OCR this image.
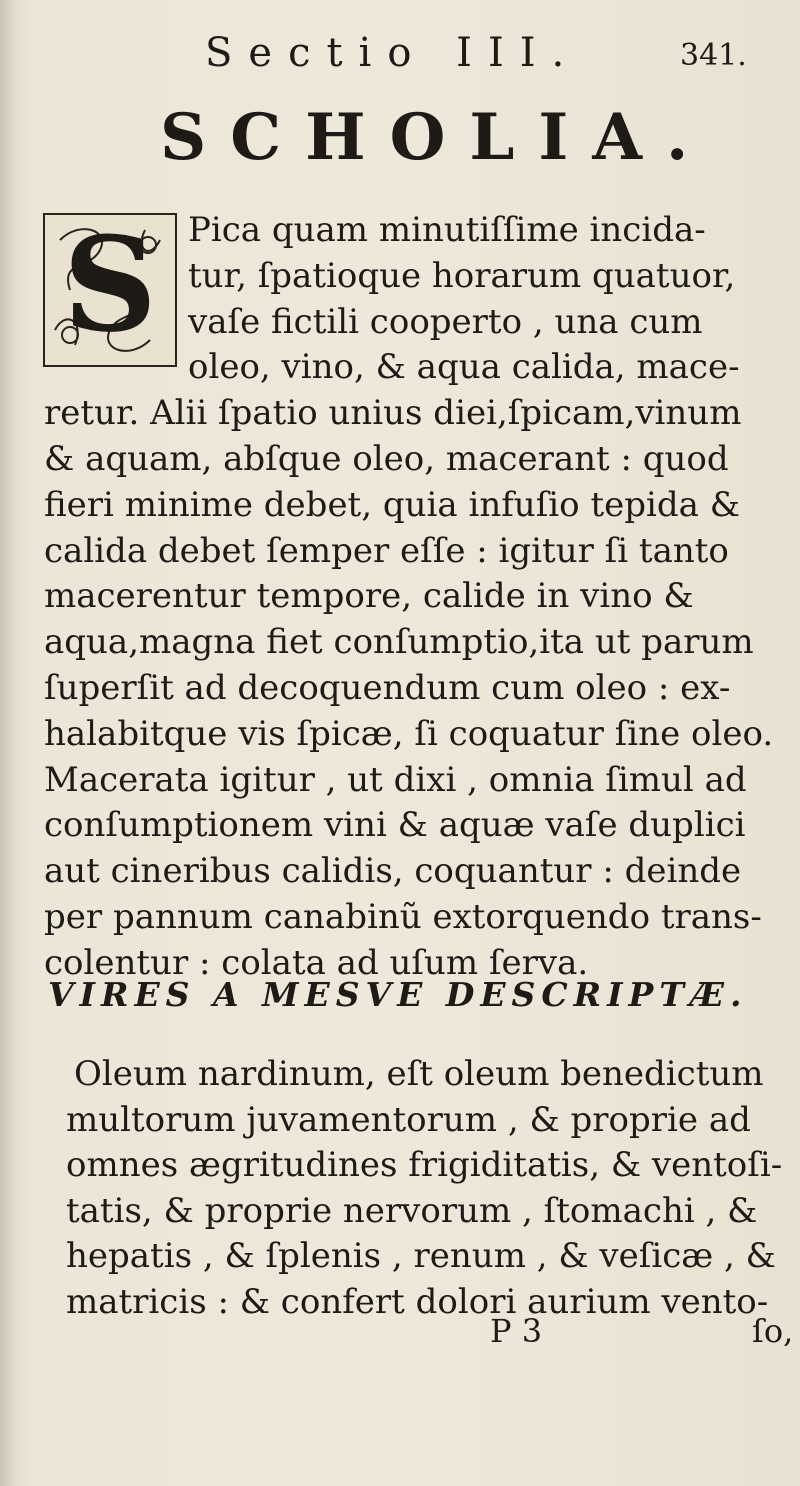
Sectio III.	341.
SCHOLIA.
S Pica quam minutiſſime incida-
tur, ſpatioque horarum quatuor,
vaſe fictili cooperto , una cum
oleo, vino, & aqua calida, mace-
retur. Alii ſpatio unius diei,ſpicam,vinum
& aquam, abſque oleo, macerant : quod
fieri minime debet, quia infuſio tepida &
calida debet ſemper eſſe : igitur ſi tanto
macerentur tempore, calide in vino &
aqua,magna fiet conſumptio,ita ut parum
ſuperſit ad decoquendum cum oleo : ex-
halabitque vis ſpicæ, ſi coquatur ſine oleo.
Macerata igitur , ut dixi , omnia ſimul ad
conſumptionem vini & aquæ vaſe duplici
aut cineribus calidis, coquantur : deinde
per pannum canabinũ extorquendo trans-
colentur : colata ad uſum ſerva.
VIRES A MESVE DESCRIPTÆ.
Oleum nardinum, eſt oleum benedictum
multorum juvamentorum , & proprie ad
omnes ægritudines frigiditatis, & ventoſi-
tatis, & proprie nervorum , ſtomachi , &
hepatis , & ſplenis , renum , & veſicæ , &
matricis : & confert dolori aurium vento-
P 3	ſo,
